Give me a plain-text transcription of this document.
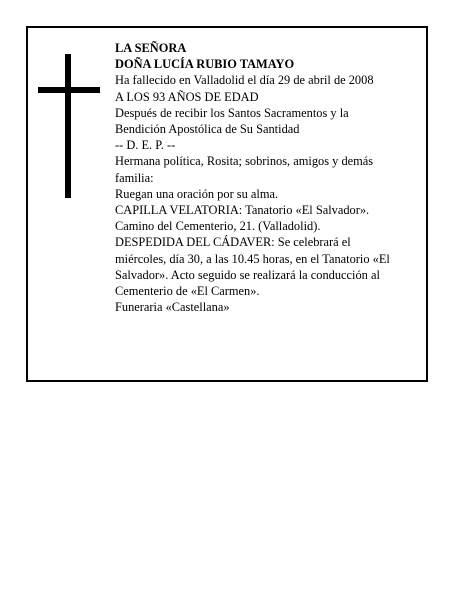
LA SEÑORA
DOÑA LUCÍA RUBIO TAMAYO
Ha fallecido en Valladolid el día 29 de abril de 2008
A LOS 93 AÑOS DE EDAD
Después de recibir los Santos Sacramentos y la
Bendición Apostólica de Su Santidad
-- D. E. P. --
Hermana política, Rosita; sobrinos, amigos y demás
familia:
Ruegan una oración por su alma.
CAPILLA VELATORIA: Tanatorio «El Salvador».
Camino del Cementerio, 21. (Valladolid).
DESPEDIDA DEL CÁDAVER: Se celebrará el
miércoles, día 30, a las 10.45 horas, en el Tanatorio «El
Salvador». Acto seguido se realizará la conducción al
Cementerio de «El Carmen».
Funeraria «Castellana»
